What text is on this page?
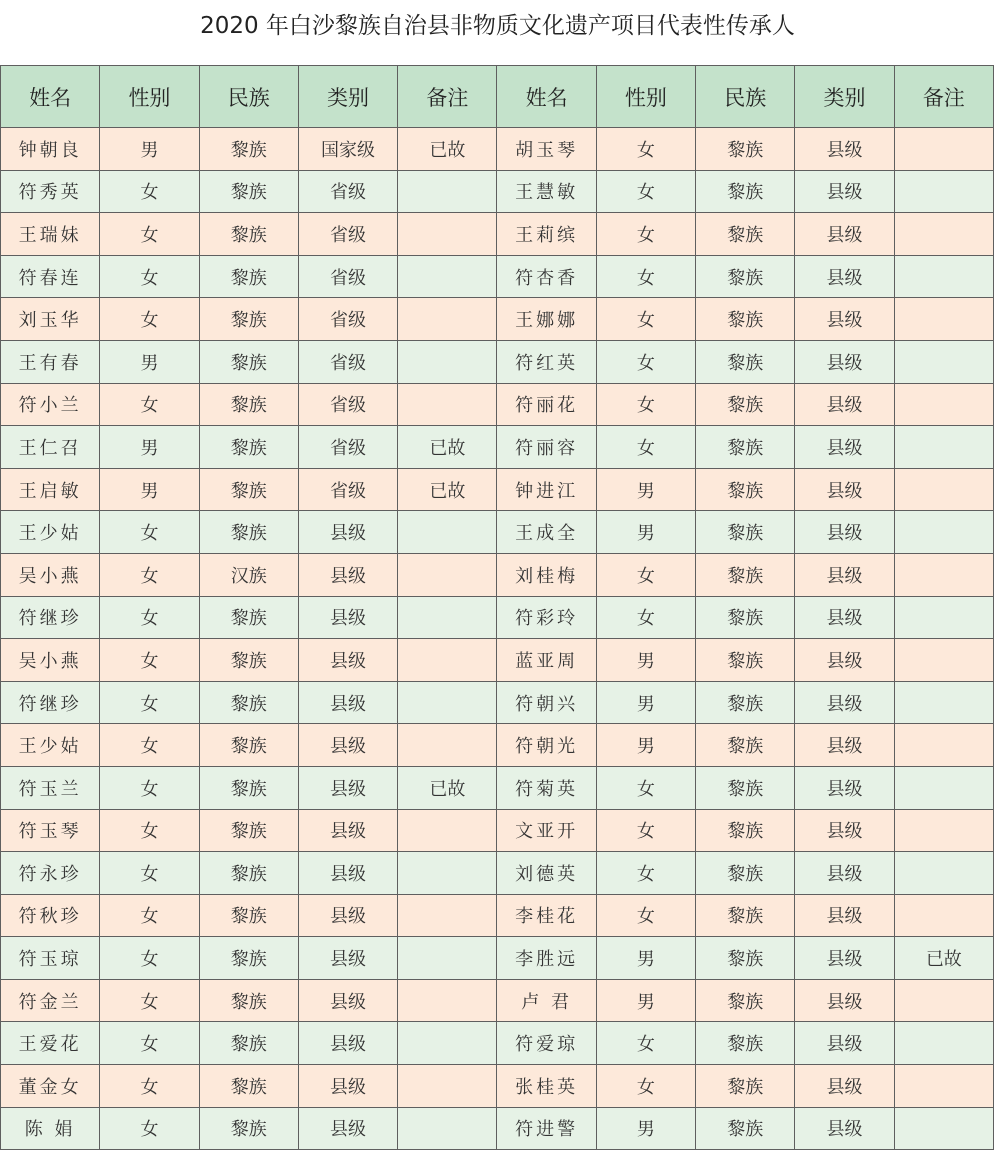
2020 年白沙黎族自治县非物质文化遗产项目代表性传承人
姓名	性别	民族	类别	备注	姓名	性别	民族	类别	备注
钟朝良	男	黎族	国家级	已故	胡玉琴	女	黎族	县级	
符秀英	女	黎族	省级		王慧敏	女	黎族	县级	
王瑞妹	女	黎族	省级		王莉缤	女	黎族	县级	
符春连	女	黎族	省级		符杏香	女	黎族	县级	
刘玉华	女	黎族	省级		王娜娜	女	黎族	县级	
王有春	男	黎族	省级		符红英	女	黎族	县级	
符小兰	女	黎族	省级		符丽花	女	黎族	县级	
王仁召	男	黎族	省级	已故	符丽容	女	黎族	县级	
王启敏	男	黎族	省级	已故	钟进江	男	黎族	县级	
王少姑	女	黎族	县级		王成全	男	黎族	县级	
吴小燕	女	汉族	县级		刘桂梅	女	黎族	县级	
符继珍	女	黎族	县级		符彩玲	女	黎族	县级	
吴小燕	女	黎族	县级		蓝亚周	男	黎族	县级	
符继珍	女	黎族	县级		符朝兴	男	黎族	县级	
王少姑	女	黎族	县级		符朝光	男	黎族	县级	
符玉兰	女	黎族	县级	已故	符菊英	女	黎族	县级	
符玉琴	女	黎族	县级		文亚开	女	黎族	县级	
符永珍	女	黎族	县级		刘德英	女	黎族	县级	
符秋珍	女	黎族	县级		李桂花	女	黎族	县级	
符玉琼	女	黎族	县级		李胜远	男	黎族	县级	已故
符金兰	女	黎族	县级		卢 君	男	黎族	县级	
王爱花	女	黎族	县级		符爱琼	女	黎族	县级	
董金女	女	黎族	县级		张桂英	女	黎族	县级	
陈 娟	女	黎族	县级		符进警	男	黎族	县级	
